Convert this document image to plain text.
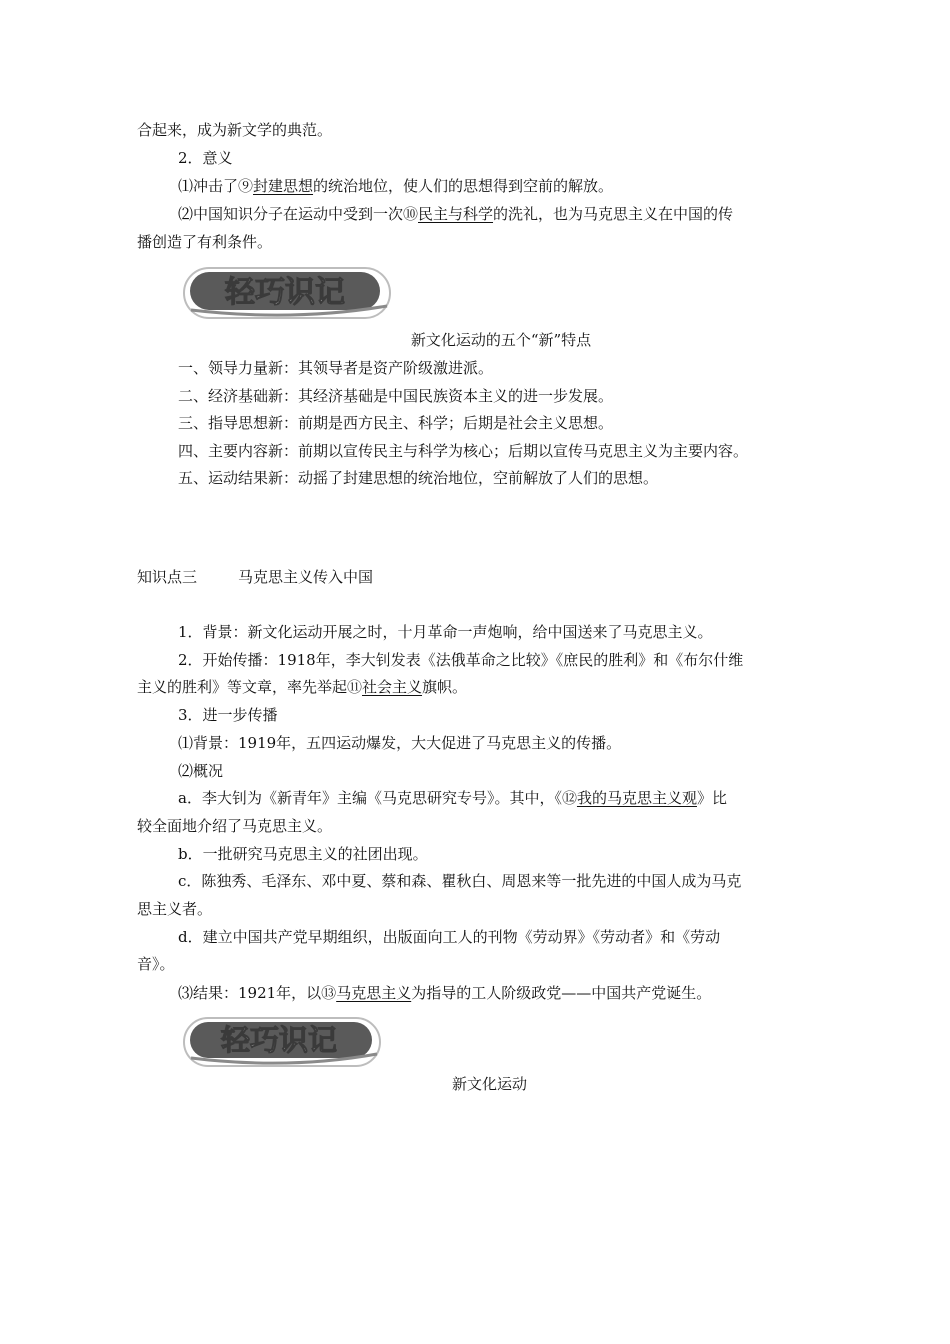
合起来，成为新文学的典范。
2．意义
⑴冲击了⑨封建思想的统治地位，使人们的思想得到空前的解放。
⑵中国知识分子在运动中受到一次⑩民主与科学的洗礼，也为马克思主义在中国的传
播创造了有利条件。
轻巧识记
新文化运动的五个“新”特点
一、领导力量新：其领导者是资产阶级激进派。
二、经济基础新：其经济基础是中国民族资本主义的进一步发展。
三、指导思想新：前期是西方民主、科学；后期是社会主义思想。
四、主要内容新：前期以宣传民主与科学为核心；后期以宣传马克思主义为主要内容。
五、运动结果新：动摇了封建思想的统治地位，空前解放了人们的思想。
知识点三	马克思主义传入中国
1．背景：新文化运动开展之时，十月革命一声炮响，给中国送来了马克思主义。
2．开始传播：1918年，李大钊发表《法俄革命之比较》《庶民的胜利》和《布尔什维
主义的胜利》等文章，率先举起⑪社会主义旗帜。
3．进一步传播
⑴背景：1919年，五四运动爆发，大大促进了马克思主义的传播。
⑵概况
a．李大钊为《新青年》主编《马克思研究专号》。其中，《⑫我的马克思主义观》比
较全面地介绍了马克思主义。
b．一批研究马克思主义的社团出现。
c．陈独秀、毛泽东、邓中夏、蔡和森、瞿秋白、周恩来等一批先进的中国人成为马克
思主义者。
d．建立中国共产党早期组织，出版面向工人的刊物《劳动界》《劳动者》和《劳动
音》。
⑶结果：1921年，以⑬马克思主义为指导的工人阶级政党——中国共产党诞生。
轻巧识记
新文化运动
